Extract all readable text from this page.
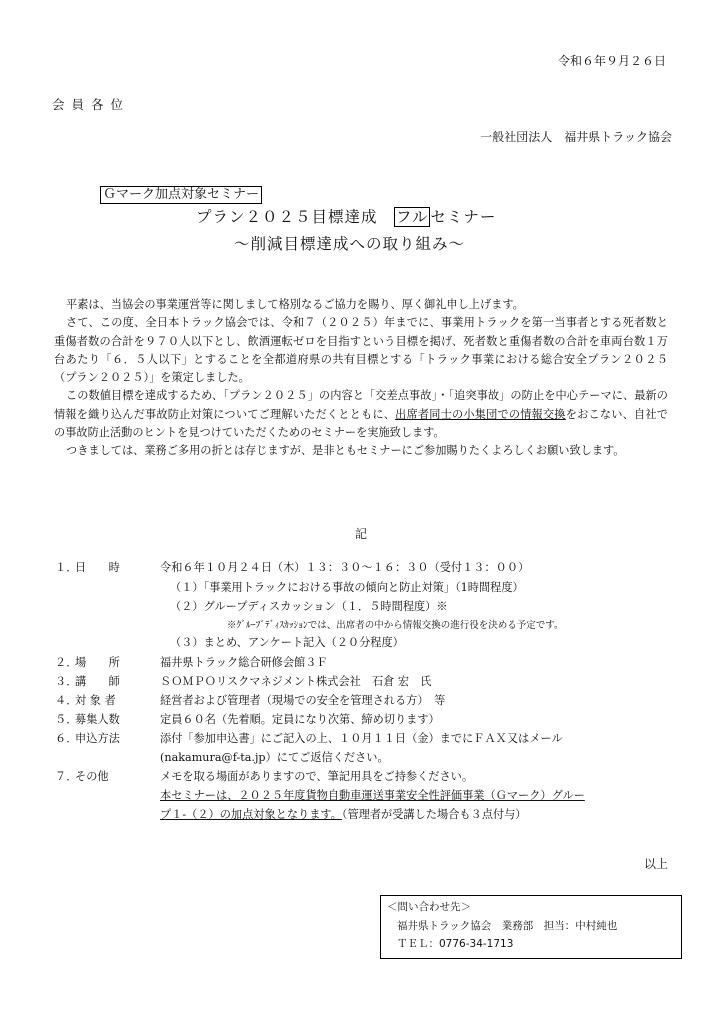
令和６年９月２６日
会員各位
一般社団法人　福井県トラック協会
Ｇマーク加点対象セミナー
プラン２０２５目標達成　フル セミナー
～削減目標達成への取り組み～

平素は、当協会の事業運営等に関しまして格別なるご協力を賜り、厚く御礼申し上げます。

さて、この度、全日本トラック協会では、令和７（２０２５）年までに、事業用トラックを第一当事者とする死者数と重傷者数の合計を９７０人以下とし、飲酒運転ゼロを目指すという目標を掲げ、死者数と重傷者数の合計を車両台数１万台あたり「６．５人以下」とすることを全都道府県の共有目標とする「トラック事業における総合安全プラン２０２５（プラン２０２５）」を策定しました。

この数値目標を達成するため、「プラン２０２５」の内容と「交差点事故」・「追突事故」の防止を中心テーマに、最新の情報を織り込んだ事故防止対策についてご理解いただくとともに、出席者同士の小集団での情報交換をおこない、自社での事故防止活動のヒントを見つけていただくためのセミナーを実施致します。

つきましては、業務ご多用の折とは存じますが、是非ともセミナーにご参加賜りたくよろしくお願い致します。

記
１．
日　　時	令和６年１０月２４日（木）１３：３０～１６：３０（受付１３：００）
（１）「事業用トラックにおける事故の傾向と防止対策」（1時間程度）
（２）グループディスカッション（１．５時間程度）※
※ｸﾞﾙｰﾌﾟﾃﾞｨｽｶｯｼｮﾝでは、出席者の中から情報交換の進行役を決める予定です。
（３）まとめ、アンケート記入（２０分程度）
２．
場　　所	福井県トラック総合研修会館３Ｆ
３．
講　　師	ＳＯＭＰＯリスクマネジメント株式会社　石倉 宏　氏
４．
対 象 者	経営者および管理者（現場での安全を管理される方）　等
５．
募集人数	定員６０名（先着順。定員になり次第、締め切ります）
６．
申込方法	添付「参加申込書」にご記入の上、１０月１１日（金）までにＦＡＸ又はメール
(nakamura@f-ta.jp）にてご返信ください。
７．
その他	メモを取る場面がありますので、筆記用具をご持参ください。
本セミナーは、２０２５年度貨物自動車運送事業安全性評価事業（Ｇマーク）グルー
プ１-（２）の加点対象となります。（管理者が受講した場合も３点付与）
以上
＜問い合わせ先＞
福井県トラック協会　業務部　担当：中村純也
ＴＥＬ：0776-34-1713
